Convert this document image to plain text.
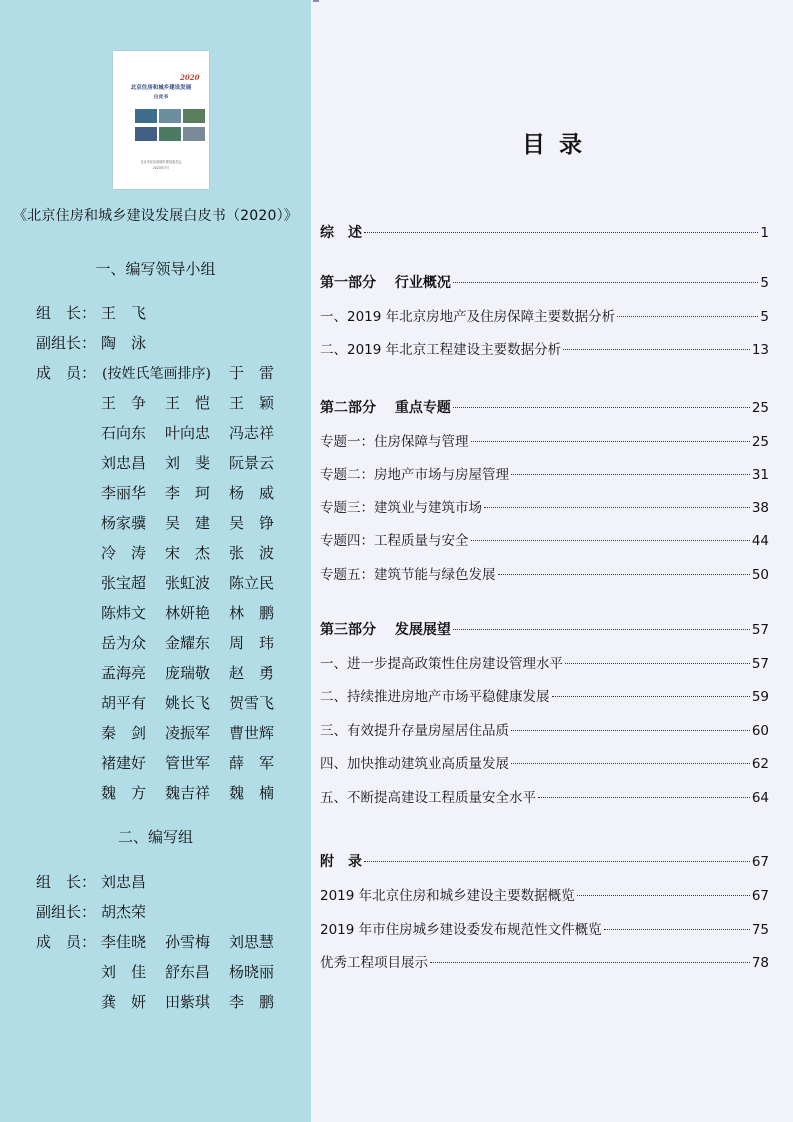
2020
北京住房和城乡建设发展
白皮书
北京市住房和城乡建设委员会
2020年7月
《北京住房和城乡建设发展白皮书（2020）》
一、编写领导小组
组　长： 王　飞
副组长： 陶　泳
成　员： (按姓氏笔画排序) 于　雷
王　争 王　恺 王　颖
石向东 叶向忠 冯志祥
刘忠昌 刘　斐 阮景云
李丽华 李　珂 杨　威
杨家骥 吴　建 吴　铮
冷　涛 宋　杰 张　波
张宝超 张虹波 陈立民
陈炜文 林妍艳 林　鹏
岳为众 金耀东 周　玮
孟海亮 庞瑞敬 赵　勇
胡平有 姚长飞 贺雪飞
秦　剑 凌振军 曹世辉
褚建好 管世军 薛　军
魏　方 魏吉祥 魏　楠
二、编写组
组　长： 刘忠昌
副组长： 胡杰荣
成　员： 李佳晓 孙雪梅 刘思慧
刘　佳 舒东昌 杨晓丽
龚　妍 田紫琪 李　鹏
目录
综　述	1
第一部分　 行业概况	5
一、2019 年北京房地产及住房保障主要数据分析	5
二、2019 年北京工程建设主要数据分析	13
第二部分　 重点专题	25
专题一：住房保障与管理	25
专题二：房地产市场与房屋管理	31
专题三：建筑业与建筑市场	38
专题四：工程质量与安全	44
专题五：建筑节能与绿色发展	50
第三部分　 发展展望	57
一、进一步提高政策性住房建设管理水平	57
二、持续推进房地产市场平稳健康发展	59
三、有效提升存量房屋居住品质	60
四、加快推动建筑业高质量发展	62
五、不断提高建设工程质量安全水平	64
附　录	67
2019 年北京住房和城乡建设主要数据概览	67
2019 年市住房城乡建设委发布规范性文件概览	75
优秀工程项目展示	78
